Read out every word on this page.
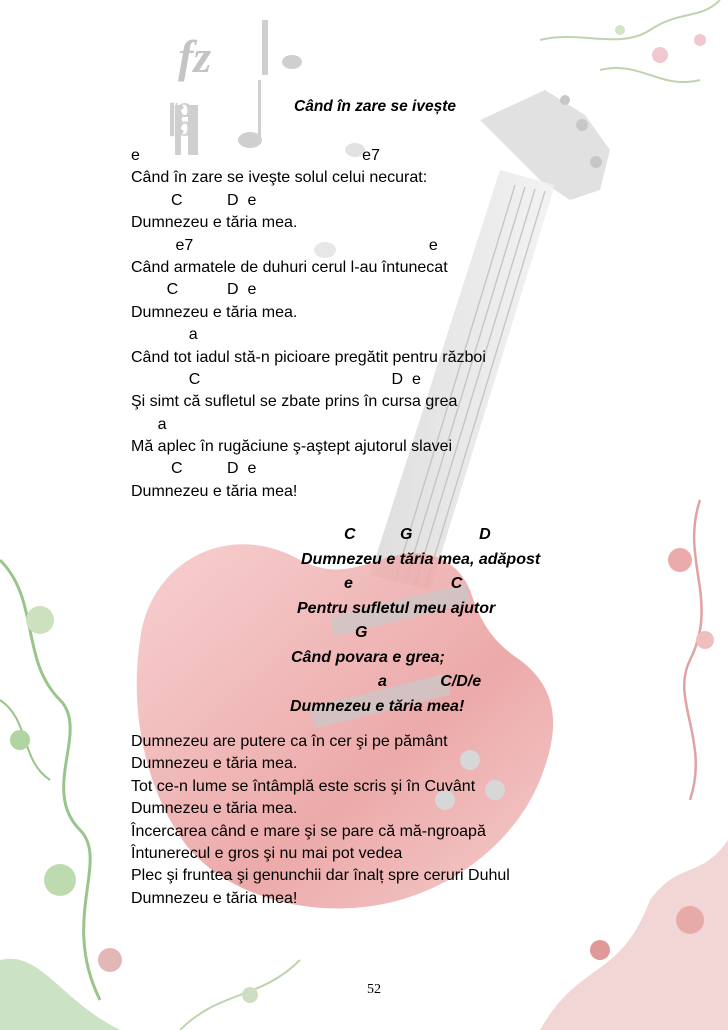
fz
𝄡	Când în zare se ivește
e                                                  e7
Când în zare se iveşte solul celui necurat:
C          D  e
Dumnezeu e tăria mea.
e7                                                     e
Când armatele de duhuri cerul l-au întunecat
C           D  e
Dumnezeu e tăria mea.
a
Când tot iadul stă-n picioare pregătit pentru război
C                                           D  e
Şi simt că sufletul se zbate prins în cursa grea
a
Mă aplec în rugăciune ş-aştept ajutorul slavei
C          D  e
Dumnezeu e tăria mea!
C          G               D
Dumnezeu e tăria mea, adăpost
e                      C
Pentru sufletul meu ajutor
G
Când povara e grea;
a            C/D/e
Dumnezeu e tăria mea!
Dumnezeu are putere ca în cer şi pe pământ
Dumnezeu e tăria mea.
Tot ce-n lume se întâmplă este scris şi în Cuvânt
Dumnezeu e tăria mea.
Încercarea când e mare şi se pare că mă-ngroapă
Întunerecul e gros şi nu mai pot vedea
Plec şi fruntea şi genunchii dar înalț spre ceruri Duhul
Dumnezeu e tăria mea!
52
